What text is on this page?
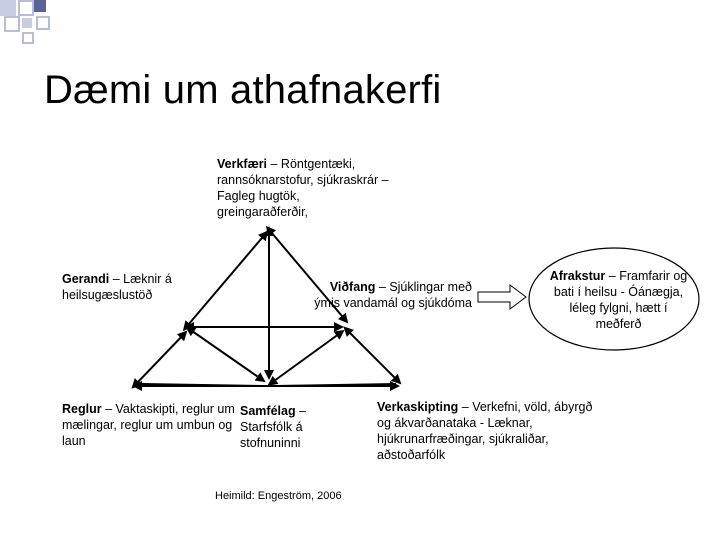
Dæmi um athafnakerfi
Verkfæri – Röntgentæki, rannsóknarstofur, sjúkraskrár – Fagleg hugtök, greingaraðferðir,
Gerandi – Læknir á heilsugæslustöð
Viðfang – Sjúklingar með ýmis vandamál og sjúkdóma
Afrakstur – Framfarir og bati í heilsu - Óánægja, léleg fylgni, hætt í meðferð
Reglur – Vaktaskipti, reglur um mælingar, reglur um umbun og laun
Samfélag – Starfsfólk á stofnuninni
Verkaskipting – Verkefni, völd, ábyrgð og ákvarðanataka - Læknar, hjúkrunarfræðingar, sjúkraliðar, aðstoðarfólk
Heimild: Engeström, 2006
